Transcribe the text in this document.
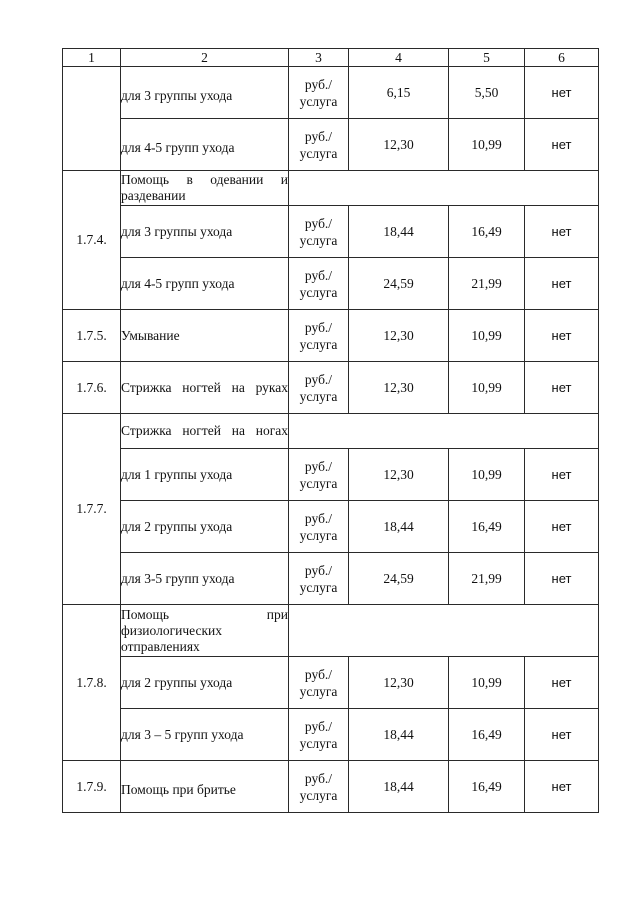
1	2	3	4	5	6
	для 3 группы ухода	руб./
услуга	6,15	5,50	нет
	для 4-5 групп ухода	руб./
услуга	12,30	10,99	нет
1.7.4.	Помощь в одевании и раздевании				
	для 3 группы ухода	руб./
услуга	18,44	16,49	нет
	для 4-5 групп ухода	руб./
услуга	24,59	21,99	нет
1.7.5.	Умывание	руб./
услуга	12,30	10,99	нет
1.7.6.	Стрижка ногтей на руках	руб./
услуга	12,30	10,99	нет
1.7.7.	Стрижка ногтей на ногах				
	для 1 группы ухода	руб./
услуга	12,30	10,99	нет
	для 2 группы ухода	руб./
услуга	18,44	16,49	нет
	для 3-5 групп ухода	руб./
услуга	24,59	21,99	нет
1.7.8.	Помощь при физиологических отправлениях				
	для 2 группы ухода	руб./
услуга	12,30	10,99	нет
	для 3 – 5 групп ухода	руб./
услуга	18,44	16,49	нет
1.7.9.	Помощь при бритье	руб./
услуга	18,44	16,49	нет
